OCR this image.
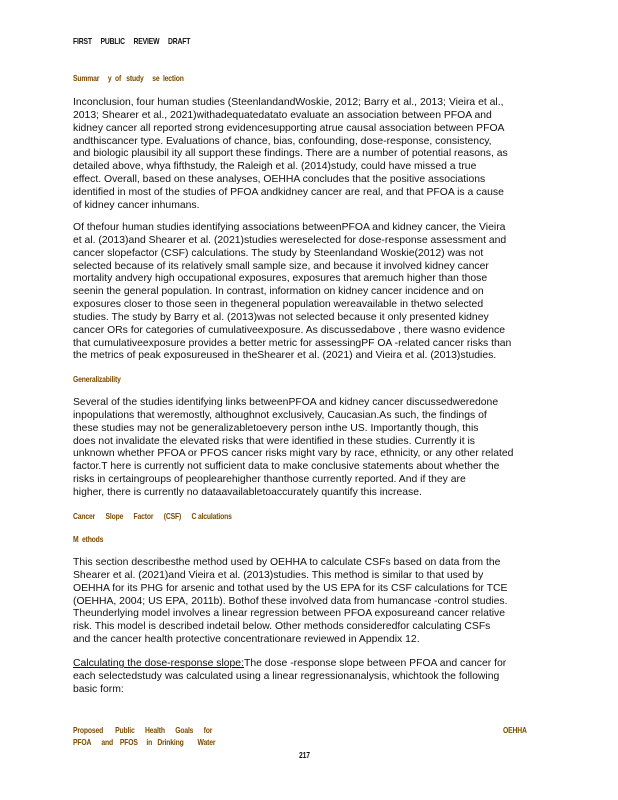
FIRST     PUBLIC     REVIEW     DRAFT
Summar     y  of   study     se  lection
Inconclusion, four human studies (SteenlandandWoskie, 2012; Barry et al., 2013; Vieira et al.,
2013; Shearer et al., 2021)withadequatedatato evaluate an association between PFOA and
kidney cancer all reported strong evidencesupporting atrue causal association between PFOA
andthiscancer type. Evaluations of chance, bias, confounding, dose-response, consistency,
and biologic plausibil ity all support these findings. There are a number of potential reasons, as
detailed above, whya fifthstudy, the Raleigh et al. (2014)study, could have missed a true
effect. Overall, based on these analyses, OEHHA concludes that the positive associations
identified in most of the studies of PFOA andkidney cancer are real, and that PFOA is a cause
of kidney cancer inhumans.
Of thefour human studies identifying associations betweenPFOA and kidney cancer, the Vieira
et al. (2013)and Shearer et al. (2021)studies wereselected for dose-response assessment and
cancer slopefactor (CSF) calculations. The study by Steenlandand Woskie(2012) was not
selected because of its relatively small sample size, and because it involved kidney cancer
mortality andvery high occupational exposures, exposures that aremuch higher than those
seenin the general population. In contrast, information on kidney cancer incidence and on
exposures closer to those seen in thegeneral population wereavailable in thetwo selected
studies. The study by Barry et al. (2013)was not selected because it only presented kidney
cancer ORs for categories of cumulativeexposure. As discussedabove , there wasno evidence
that cumulativeexposure provides a better metric for assessingPF OA -related cancer risks than
the metrics of peak exposureused in theShearer et al. (2021) and Vieira et al. (2013)studies.
Generalizability
Several of the studies identifying links betweenPFOA and kidney cancer discussedweredone
inpopulations that weremostly, althoughnot exclusively, Caucasian.As such, the findings of
these studies may not be generalizabletoevery person inthe US. Importantly though, this
does not invalidate the elevated risks that were identified in these studies. Currently it is
unknown whether PFOA or PFOS cancer risks might vary by race, ethnicity, or any other related
factor.T here is currently not sufficient data to make conclusive statements about whether the
risks in certaingroups of peoplearehigher thanthose currently reported. And if they are
higher, there is currently no dataavailabletoaccurately quantify this increase.
Cancer      Slope      Factor      (CSF)      C alculations
M  ethods
This section describesthe method used by OEHHA to calculate CSFs based on data from the
Shearer et al. (2021)and Vieira et al. (2013)studies. This method is similar to that used by
OEHHA for its PHG for arsenic and tothat used by the US EPA for its CSF calculations for TCE
(OEHHA, 2004; US EPA, 2011b). Bothof these involved data from humancase -control studies.
Theunderlying model involves a linear regression between PFOA exposureand cancer relative
risk. This model is described indetail below. Other methods consideredfor calculating CSFs
and the cancer health protective concentrationare reviewed in Appendix 12.
Calculating the dose-response slope:The dose -response slope between PFOA and cancer for
each selectedstudy was calculated using a linear regressionanalysis, whichtook the following
basic form:
Proposed       Public      Health      Goals      for
PFOA      and    PFOS     in   Drinking        Water
OEHHA
217
